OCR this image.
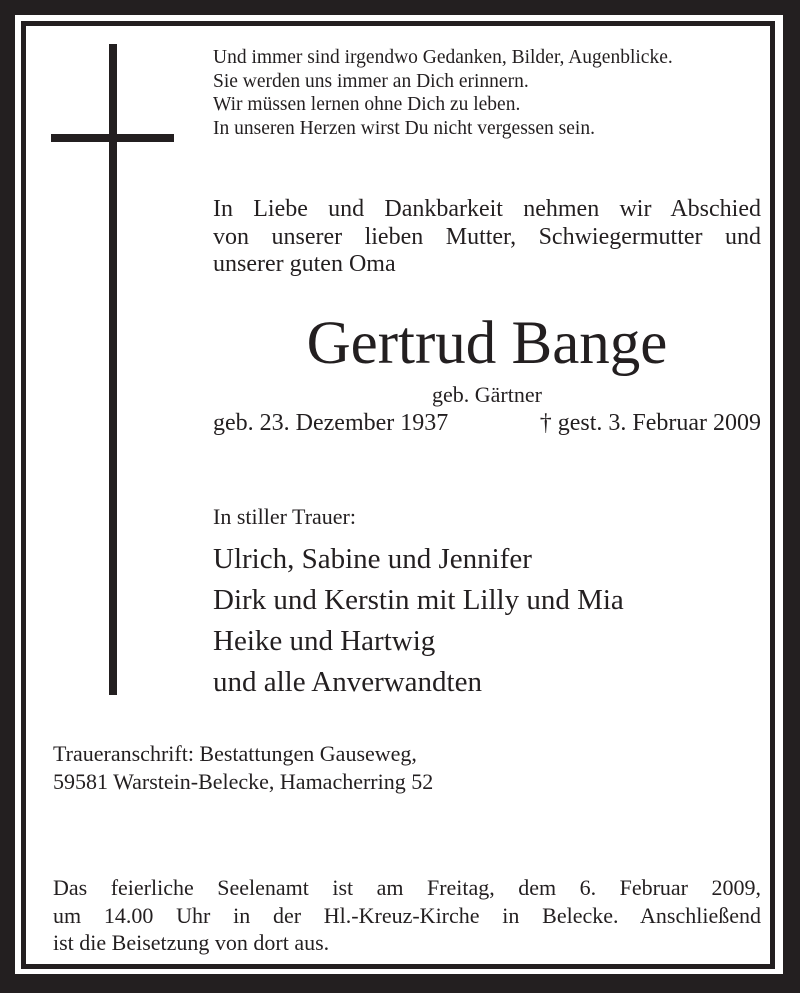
Und immer sind irgendwo Gedanken, Bilder, Augenblicke.
Sie werden uns immer an Dich erinnern.
Wir müssen lernen ohne Dich zu leben.
In unseren Herzen wirst Du nicht vergessen sein.
In Liebe und Dankbarkeit nehmen wir Abschied
von unserer lieben Mutter, Schwiegermutter und
unserer guten Oma
Gertrud Bange
geb. Gärtner
geb. 23. Dezember 1937	† gest. 3. Februar 2009
In stiller Trauer:
Ulrich, Sabine und Jennifer
Dirk und Kerstin mit Lilly und Mia
Heike und Hartwig
und alle Anverwandten
Traueranschrift: Bestattungen Gauseweg,
59581 Warstein-Belecke, Hamacherring 52
Das feierliche Seelenamt ist am Freitag, dem 6. Februar 2009,
um 14.00 Uhr in der Hl.-Kreuz-Kirche in Belecke. Anschließend
ist die Beisetzung von dort aus.
